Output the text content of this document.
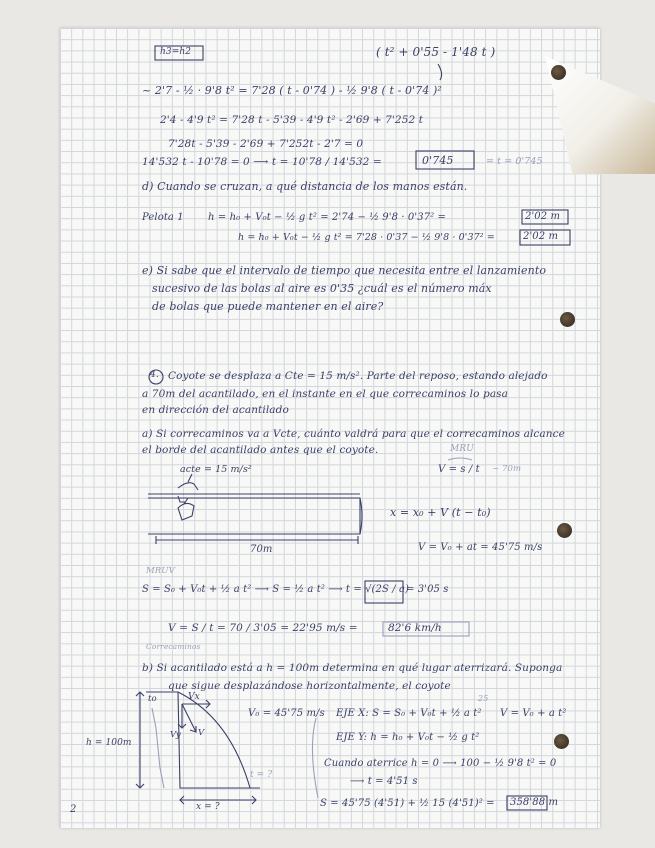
h3=h2	( t² + 0'55 - 1'48 t )
~ 2'7 - ½ · 9'8 t² = 7'28 ( t - 0'74 ) - ½ 9'8 ( t - 0'74 )²
2'4 - 4'9 t² = 7'28 t - 5'39 - 4'9 t² - 2'69 + 7'252 t
7'28t - 5'39 - 2'69 + 7'252t - 2'7 = 0
14'532 t - 10'78 = 0 ⟶ t = 10'78 / 14'532 =	0'745	= t = 0'745
d) Cuando se cruzan, a qué distancia de los manos están.
Pelota 1 h = h₀ + V₀t − ½ g t² = 2'74 − ½ 9'8 · 0'37² =	2'02 m
h = h₀ + V₀t − ½ g t² = 7'28 · 0'37 − ½ 9'8 · 0'37² =	2'02 m
e) Si sabe que el intervalo de tiempo que necesita entre el lanzamiento
sucesivo de las bolas al aire es 0'35 ¿cuál es el número máx
de bolas que puede mantener en el aire?
4. Coyote se desplaza a Cte = 15 m/s². Parte del reposo, estando alejado
a 70m del acantilado, en el instante en el que correcaminos lo pasa
en dirección del acantilado
a) Si correcaminos va a Vcte, cuánto valdrá para que el correcaminos alcance
el borde del acantilado antes que el coyote.
acte = 15 m/s²
70m
MRU
V = s / t ~ 70m
x = x₀ + V (t − t₀)
V = V₀ + at = 45'75 m/s
MRUV
S = S₀ + V₀t + ½ a t² ⟶ S = ½ a t² ⟶ t = √(2S / a)
= 3'05 s
V = S / t = 70 / 3'05 = 22'95 m/s =	82'6 km/h
Correcaminos
b) Si acantilado está a h = 100m determina en qué lugar aterrizará. Suponga
que sigue desplazándose horizontalmente, el coyote
to	Vx
Vy V
h = 100m
t = ?
x = ?
V₀ = 45'75 m/s EJE X: S = S₀ + V₀t + ½ a t²
25
V = V₀ + a t²
EJE Y: h = h₀ + V₀t − ½ g t²
Cuando aterrice h = 0 ⟶ 100 − ½ 9'8 t² = 0
⟶ t = 4'51 s
S = 45'75 (4'51) + ½ 15 (4'51)² = 358'88 m
2
